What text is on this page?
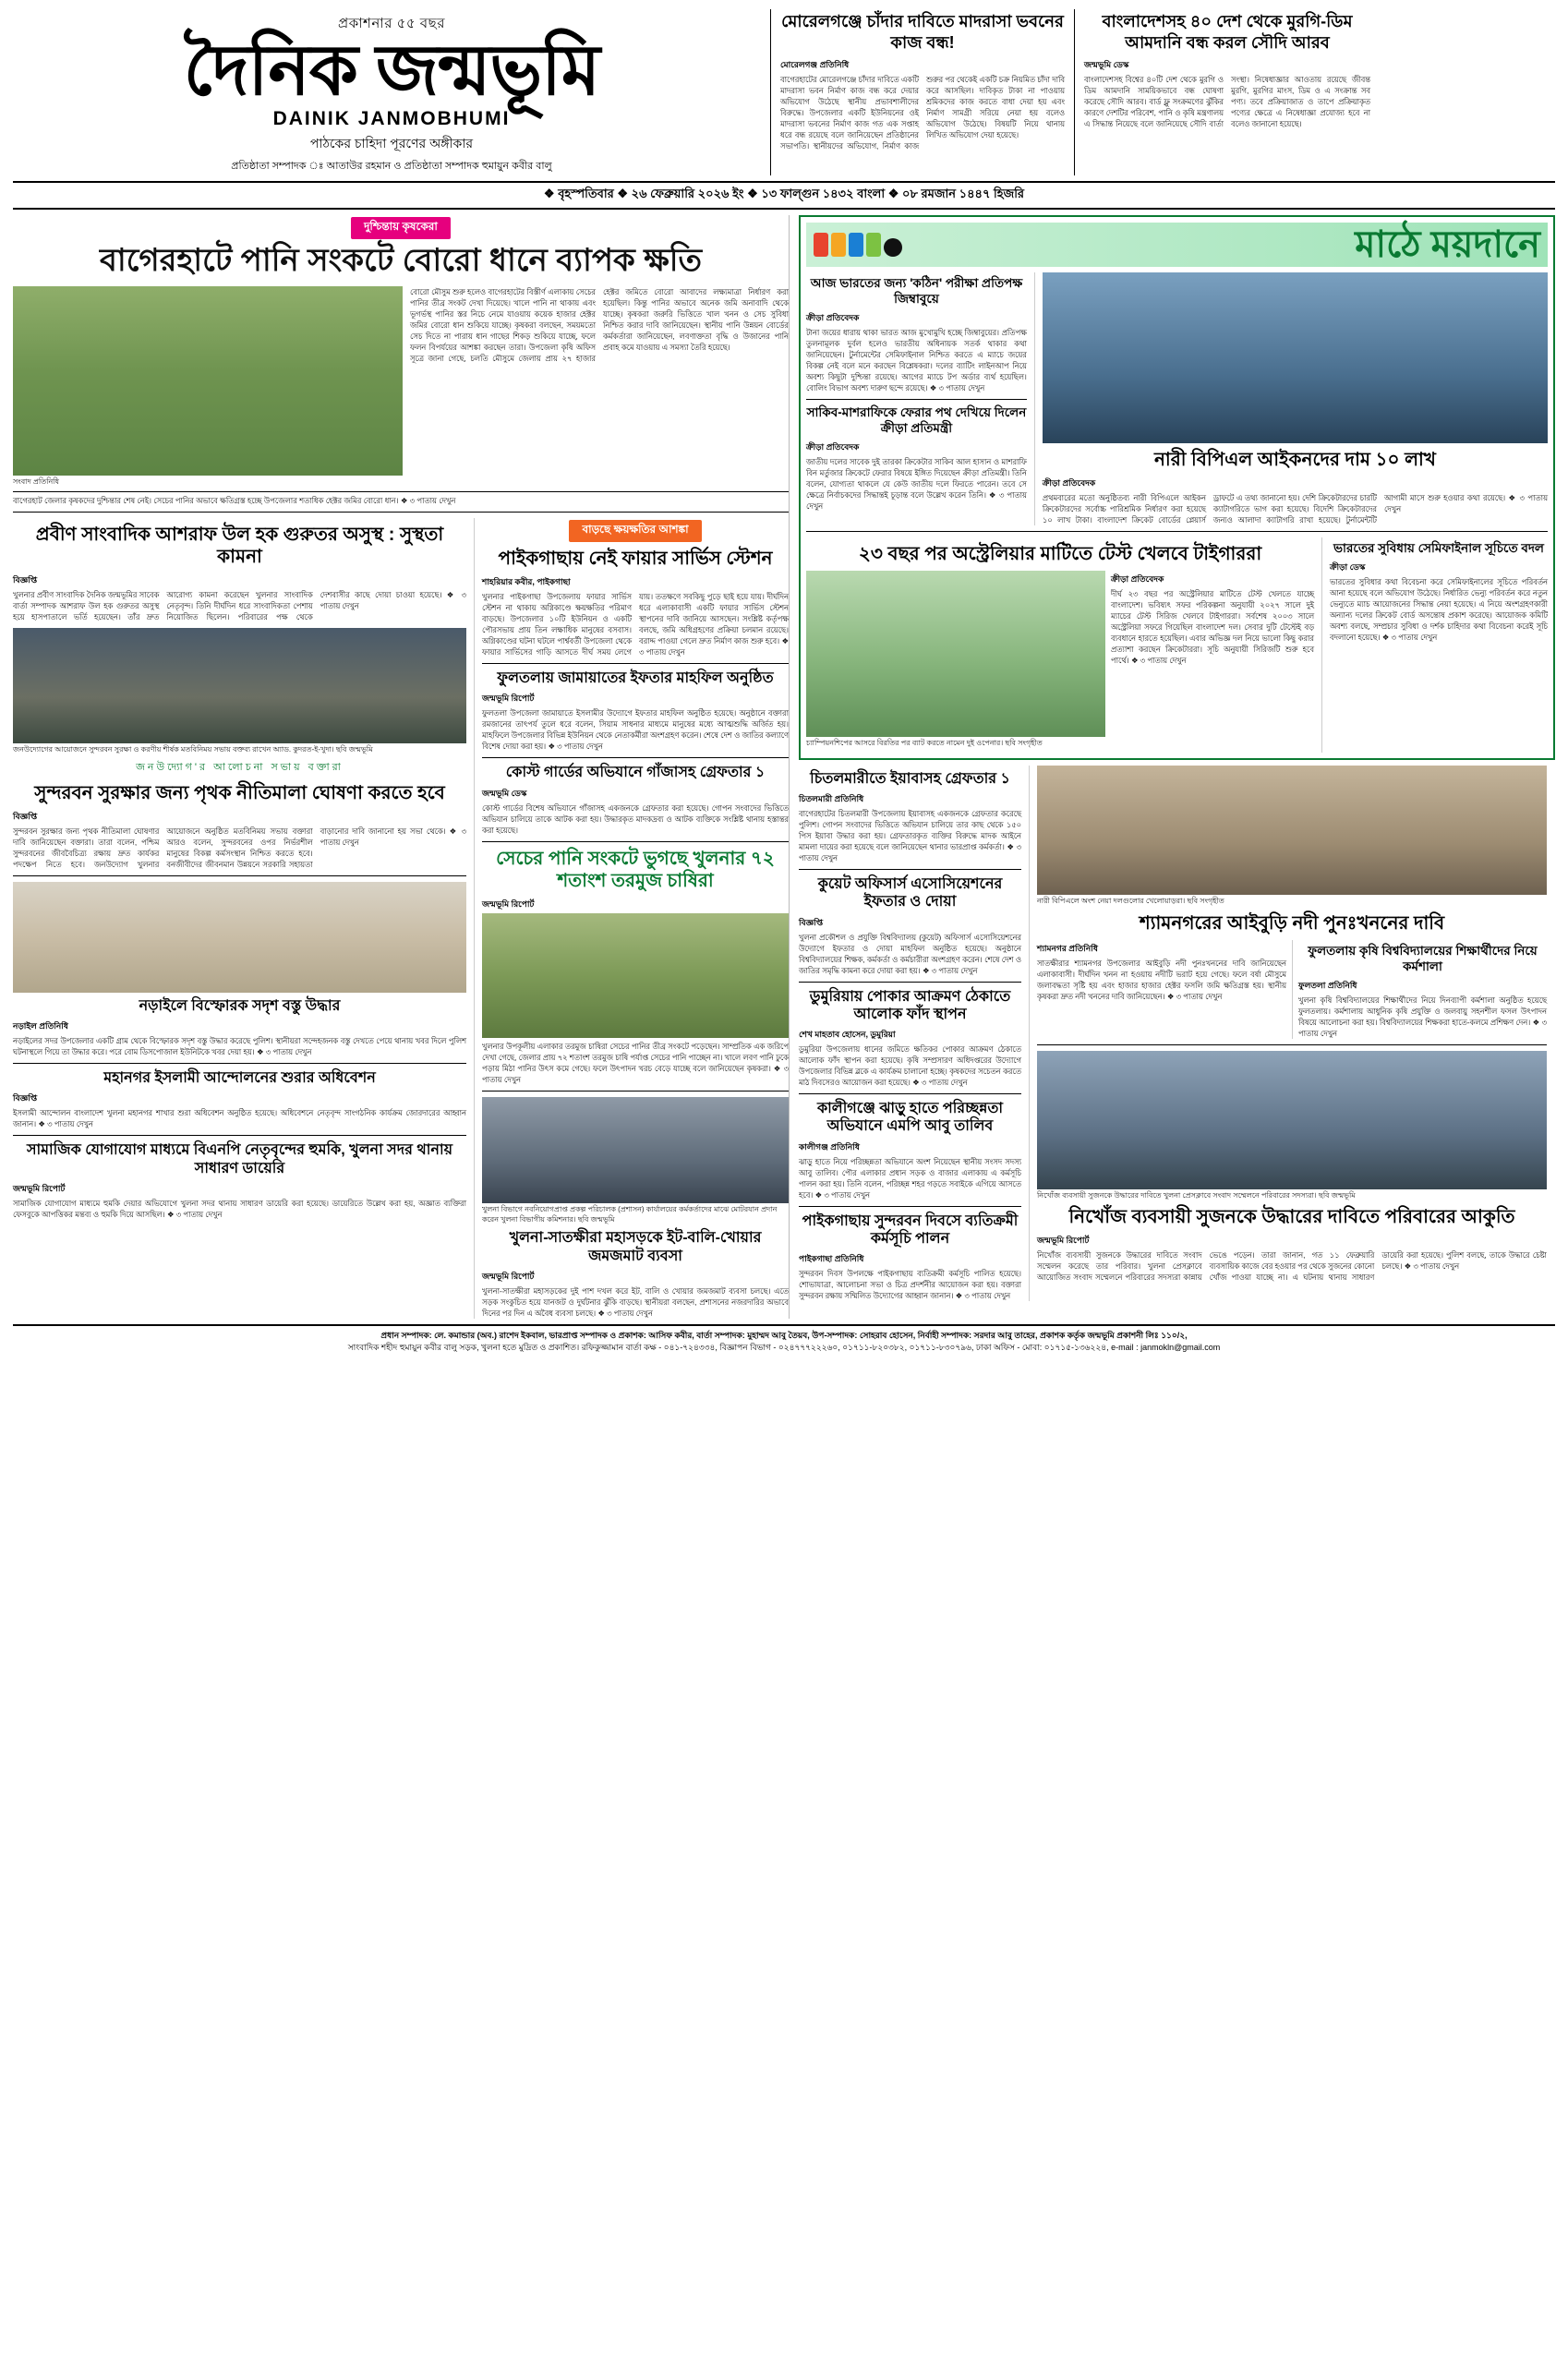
প্রকাশনার ৫৫ বছর
দৈনিক জন্মভূমি
DAINIK JANMOBHUMI
পাঠকের চাহিদা পূরণের অঙ্গীকার
প্রতিষ্ঠাতা সম্পাদক ঃ আতাউর রহমান ও প্রতিষ্ঠাতা সম্পাদক হুমায়ুন কবীর বালু
মোরেলগঞ্জে চাঁদার দাবিতে মাদরাসা ভবনের কাজ বন্ধ!
মোরেলগঞ্জ প্রতিনিধি
বাগেরহাটের মোরেলগঞ্জে চাঁদার দাবিতে একটি মাদরাসা ভবন নির্মাণ কাজ বন্ধ করে দেয়ার অভিযোগ উঠেছে স্থানীয় প্রভাবশালীদের বিরুদ্ধে। উপজেলার একটি ইউনিয়নের ওই মাদরাসা ভবনের নির্মাণ কাজ গত এক সপ্তাহ ধরে বন্ধ রয়েছে বলে জানিয়েছেন প্রতিষ্ঠানের সভাপতি। স্থানীয়দের অভিযোগ, নির্মাণ কাজ শুরুর পর থেকেই একটি চক্র নিয়মিত চাঁদা দাবি করে আসছিল। দাবিকৃত টাকা না পাওয়ায় শ্রমিকদের কাজ করতে বাধা দেয়া হয় এবং নির্মাণ সামগ্রী সরিয়ে নেয়া হয় বলেও অভিযোগ উঠেছে। বিষয়টি নিয়ে থানায় লিখিত অভিযোগ দেয়া হয়েছে।
বাংলাদেশসহ ৪০ দেশ থেকে মুরগি-ডিম আমদানি বন্ধ করল সৌদি আরব
জন্মভূমি ডেস্ক
বাংলাদেশসহ বিশ্বের ৪০টি দেশ থেকে মুরগি ও ডিম আমদানি সাময়িকভাবে বন্ধ ঘোষণা করেছে সৌদি আরব। বার্ড ফ্লু সংক্রমণের ঝুঁকির কারণে দেশটির পরিবেশ, পানি ও কৃষি মন্ত্রণালয় এ সিদ্ধান্ত নিয়েছে বলে জানিয়েছে সৌদি বার্তা সংস্থা। নিষেধাজ্ঞার আওতায় রয়েছে জীবন্ত মুরগি, মুরগির মাংস, ডিম ও এ সংক্রান্ত সব পণ্য। তবে প্রক্রিয়াজাত ও তাপে প্রক্রিয়াকৃত পণ্যের ক্ষেত্রে এ নিষেধাজ্ঞা প্রযোজ্য হবে না বলেও জানানো হয়েছে।
❖ বৃহস্পতিবার ❖ ২৬ ফেব্রুয়ারি ২০২৬ ইং ❖ ১৩ ফাল্গুন ১৪৩২ বাংলা ❖ ০৮ রমজান ১৪৪৭ হিজরি
দুশ্চিন্তায় কৃষকেরা
বাগেরহাটে পানি সংকটে বোরো ধানে ব্যাপক ক্ষতি
সংবাদ প্রতিনিধি
বোরো মৌসুম শুরু হলেও বাগেরহাটের বিস্তীর্ণ এলাকায় সেচের পানির তীব্র সংকট দেখা দিয়েছে। খালে পানি না থাকায় এবং ভূগর্ভস্থ পানির স্তর নিচে নেমে যাওয়ায় কয়েক হাজার হেক্টর জমির বোরো ধান শুকিয়ে যাচ্ছে। কৃষকরা বলছেন, সময়মতো সেচ দিতে না পারায় ধান গাছের শিকড় শুকিয়ে যাচ্ছে, ফলে ফলন বিপর্যয়ের আশঙ্কা করছেন তারা। উপজেলা কৃষি অফিস সূত্রে জানা গেছে, চলতি মৌসুমে জেলায় প্রায় ২৭ হাজার হেক্টর জমিতে বোরো আবাদের লক্ষ্যমাত্রা নির্ধারণ করা হয়েছিল। কিন্তু পানির অভাবে অনেক জমি অনাবাদি থেকে যাচ্ছে। কৃষকরা জরুরি ভিত্তিতে খাল খনন ও সেচ সুবিধা নিশ্চিত করার দাবি জানিয়েছেন। স্থানীয় পানি উন্নয়ন বোর্ডের কর্মকর্তারা জানিয়েছেন, লবণাক্ততা বৃদ্ধি ও উজানের পানি প্রবাহ কমে যাওয়ায় এ সমস্যা তৈরি হয়েছে।
বাগেরহাট জেলার কৃষকদের দুশ্চিন্তার শেষ নেই। সেচের পানির অভাবে ক্ষতিগ্রস্ত হচ্ছে উপজেলার শতাধিক হেক্টর জমির বোরো ধান। ❖ ৩ পাতায় দেখুন
প্রবীণ সাংবাদিক আশরাফ উল হক গুরুতর অসুস্থ : সুস্থতা কামনা
বিজ্ঞপ্তি
খুলনার প্রবীণ সাংবাদিক দৈনিক জন্মভূমির সাবেক বার্তা সম্পাদক আশরাফ উল হক গুরুতর অসুস্থ হয়ে হাসপাতালে ভর্তি হয়েছেন। তাঁর দ্রুত আরোগ্য কামনা করেছেন খুলনার সাংবাদিক নেতৃবৃন্দ। তিনি দীর্ঘদিন ধরে সাংবাদিকতা পেশায় নিয়োজিত ছিলেন। পরিবারের পক্ষ থেকে দেশবাসীর কাছে দোয়া চাওয়া হয়েছে। ❖ ৩ পাতায় দেখুন
জনউদ্যোগের আয়োজনে সুন্দরবন সুরক্ষা ও করণীয় শীর্ষক মতবিনিময় সভায় বক্তব্য রাখেন অ্যাড. কুদরত-ই-খুদা। ছবি জন্মভূমি
জনউদ্যোগ'র আলোচনা সভায় বক্তারা
সুন্দরবন সুরক্ষার জন্য পৃথক নীতিমালা ঘোষণা করতে হবে
বিজ্ঞপ্তি
সুন্দরবন সুরক্ষার জন্য পৃথক নীতিমালা ঘোষণার দাবি জানিয়েছেন বক্তারা। তারা বলেন, পশ্চিম সুন্দরবনের জীববৈচিত্র্য রক্ষায় দ্রুত কার্যকর পদক্ষেপ নিতে হবে। জনউদ্যোগ খুলনার আয়োজনে অনুষ্ঠিত মতবিনিময় সভায় বক্তারা আরও বলেন, সুন্দরবনের ওপর নির্ভরশীল মানুষের বিকল্প কর্মসংস্থান নিশ্চিত করতে হবে। বনজীবীদের জীবনমান উন্নয়নে সরকারি সহায়তা বাড়ানোর দাবি জানানো হয় সভা থেকে। ❖ ৩ পাতায় দেখুন
নড়াইলে বিস্ফোরক সদৃশ বস্তু উদ্ধার
নড়াইল প্রতিনিধি
নড়াইলের সদর উপজেলার একটি গ্রাম থেকে বিস্ফোরক সদৃশ বস্তু উদ্ধার করেছে পুলিশ। স্থানীয়রা সন্দেহজনক বস্তু দেখতে পেয়ে থানায় খবর দিলে পুলিশ ঘটনাস্থলে গিয়ে তা উদ্ধার করে। পরে বোম ডিসপোজাল ইউনিটকে খবর দেয়া হয়। ❖ ৩ পাতায় দেখুন
মহানগর ইসলামী আন্দোলনের শুরার অধিবেশন
বিজ্ঞপ্তি
ইসলামী আন্দোলন বাংলাদেশ খুলনা মহানগর শাখার শুরা অধিবেশন অনুষ্ঠিত হয়েছে। অধিবেশনে নেতৃবৃন্দ সাংগঠনিক কার্যক্রম জোরদারের আহ্বান জানান। ❖ ৩ পাতায় দেখুন
সামাজিক যোগাযোগ মাধ্যমে বিএনপি নেতৃবৃন্দের হুমকি, খুলনা সদর থানায় সাধারণ ডায়েরি
জন্মভূমি রিপোর্ট
সামাজিক যোগাযোগ মাধ্যমে হুমকি দেয়ার অভিযোগে খুলনা সদর থানায় সাধারণ ডায়েরি করা হয়েছে। ডায়েরিতে উল্লেখ করা হয়, অজ্ঞাত ব্যক্তিরা ফেসবুকে আপত্তিকর মন্তব্য ও হুমকি দিয়ে আসছিল। ❖ ৩ পাতায় দেখুন
বাড়ছে ক্ষয়ক্ষতির আশঙ্কা
পাইকগাছায় নেই ফায়ার সার্ভিস স্টেশন
শাহরিয়ার কবীর, পাইকগাছা
খুলনার পাইকগাছা উপজেলায় ফায়ার সার্ভিস স্টেশন না থাকায় অগ্নিকাণ্ডে ক্ষয়ক্ষতির পরিমাণ বাড়ছে। উপজেলার ১০টি ইউনিয়ন ও একটি পৌরসভায় প্রায় তিন লক্ষাধিক মানুষের বসবাস। অগ্নিকাণ্ডের ঘটনা ঘটলে পার্শ্ববর্তী উপজেলা থেকে ফায়ার সার্ভিসের গাড়ি আসতে দীর্ঘ সময় লেগে যায়। ততক্ষণে সবকিছু পুড়ে ছাই হয়ে যায়। দীর্ঘদিন ধরে এলাকাবাসী একটি ফায়ার সার্ভিস স্টেশন স্থাপনের দাবি জানিয়ে আসছেন। সংশ্লিষ্ট কর্তৃপক্ষ বলছে, জমি অধিগ্রহণের প্রক্রিয়া চলমান রয়েছে। বরাদ্দ পাওয়া গেলে দ্রুত নির্মাণ কাজ শুরু হবে। ❖ ৩ পাতায় দেখুন
ফুলতলায় জামায়াতের ইফতার মাহফিল অনুষ্ঠিত
জন্মভূমি রিপোর্ট
ফুলতলা উপজেলা জামায়াতে ইসলামীর উদ্যোগে ইফতার মাহফিল অনুষ্ঠিত হয়েছে। অনুষ্ঠানে বক্তারা রমজানের তাৎপর্য তুলে ধরে বলেন, সিয়াম সাধনার মাধ্যমে মানুষের মধ্যে আত্মশুদ্ধি অর্জিত হয়। মাহফিলে উপজেলার বিভিন্ন ইউনিয়ন থেকে নেতাকর্মীরা অংশগ্রহণ করেন। শেষে দেশ ও জাতির কল্যাণে বিশেষ দোয়া করা হয়। ❖ ৩ পাতায় দেখুন
কোস্ট গার্ডের অভিযানে গাঁজাসহ গ্রেফতার ১
জন্মভূমি ডেস্ক
কোস্ট গার্ডের বিশেষ অভিযানে গাঁজাসহ একজনকে গ্রেফতার করা হয়েছে। গোপন সংবাদের ভিত্তিতে অভিযান চালিয়ে তাকে আটক করা হয়। উদ্ধারকৃত মাদকদ্রব্য ও আটক ব্যক্তিকে সংশ্লিষ্ট থানায় হস্তান্তর করা হয়েছে।
সেচের পানি সংকটে ভুগছে খুলনার ৭২ শতাংশ তরমুজ চাষিরা
জন্মভূমি রিপোর্ট
খুলনার উপকূলীয় এলাকার তরমুজ চাষিরা সেচের পানির তীব্র সংকটে পড়েছেন। সাম্প্রতিক এক জরিপে দেখা গেছে, জেলার প্রায় ৭২ শতাংশ তরমুজ চাষি পর্যাপ্ত সেচের পানি পাচ্ছেন না। খালে লবণ পানি ঢুকে পড়ায় মিঠা পানির উৎস কমে গেছে। ফলে উৎপাদন খরচ বেড়ে যাচ্ছে বলে জানিয়েছেন কৃষকরা। ❖ ৩ পাতায় দেখুন
খুলনা বিভাগে নবনিয়োগপ্রাপ্ত প্রকল্প পরিচালক (প্রশাসন) কার্যালয়ের কর্মকর্তাদের মাঝে মোটরযান প্রদান করেন খুলনা বিভাগীয় কমিশনার। ছবি জন্মভূমি
খুলনা-সাতক্ষীরা মহাসড়কে ইট-বালি-খোয়ার জমজমাট ব্যবসা
জন্মভূমি রিপোর্ট
খুলনা-সাতক্ষীরা মহাসড়কের দুই পাশ দখল করে ইট, বালি ও খোয়ার জমজমাট ব্যবসা চলছে। এতে সড়ক সংকুচিত হয়ে যানজট ও দুর্ঘটনার ঝুঁকি বাড়ছে। স্থানীয়রা বলছেন, প্রশাসনের নজরদারির অভাবে দিনের পর দিন এ অবৈধ ব্যবসা চলছে। ❖ ৩ পাতায় দেখুন
মাঠে ময়দানে
আজ ভারতের জন্য 'কঠিন' পরীক্ষা প্রতিপক্ষ জিম্বাবুয়ে
ক্রীড়া প্রতিবেদক
টানা জয়ের ধারায় থাকা ভারত আজ মুখোমুখি হচ্ছে জিম্বাবুয়ের। প্রতিপক্ষ তুলনামূলক দুর্বল হলেও ভারতীয় অধিনায়ক সতর্ক থাকার কথা জানিয়েছেন। টুর্নামেন্টের সেমিফাইনাল নিশ্চিত করতে এ ম্যাচে জয়ের বিকল্প নেই বলে মনে করছেন বিশ্লেষকরা। দলের ব্যাটিং লাইনআপ নিয়ে অবশ্য কিছুটা দুশ্চিন্তা রয়েছে। আগের ম্যাচে টপ অর্ডার ব্যর্থ হয়েছিল। বোলিং বিভাগ অবশ্য দারুণ ছন্দে রয়েছে। ❖ ৩ পাতায় দেখুন
সাকিব-মাশরাফিকে ফেরার পথ দেখিয়ে দিলেন ক্রীড়া প্রতিমন্ত্রী
ক্রীড়া প্রতিবেদক
জাতীয় দলের সাবেক দুই তারকা ক্রিকেটার সাকিব আল হাসান ও মাশরাফি বিন মর্তুজার ক্রিকেটে ফেরার বিষয়ে ইঙ্গিত দিয়েছেন ক্রীড়া প্রতিমন্ত্রী। তিনি বলেন, যোগ্যতা থাকলে যে কেউ জাতীয় দলে ফিরতে পারেন। তবে সে ক্ষেত্রে নির্বাচকদের সিদ্ধান্তই চূড়ান্ত বলে উল্লেখ করেন তিনি। ❖ ৩ পাতায় দেখুন
নারী বিপিএল আইকনদের দাম ১০ লাখ
ক্রীড়া প্রতিবেদক
প্রথমবারের মতো অনুষ্ঠিতব্য নারী বিপিএলে আইকন ক্রিকেটারদের সর্বোচ্চ পারিশ্রমিক নির্ধারণ করা হয়েছে ১০ লাখ টাকা। বাংলাদেশ ক্রিকেট বোর্ডের প্লেয়ার্স ড্রাফটে এ তথ্য জানানো হয়। দেশি ক্রিকেটারদের চারটি ক্যাটাগরিতে ভাগ করা হয়েছে। বিদেশি ক্রিকেটারদের জন্যও আলাদা ক্যাটাগরি রাখা হয়েছে। টুর্নামেন্টটি আগামী মাসে শুরু হওয়ার কথা রয়েছে। ❖ ৩ পাতায় দেখুন
২৩ বছর পর অস্ট্রেলিয়ার মাটিতে টেস্ট খেলবে টাইগাররা
চ্যাম্পিয়নশিপের আসরে বিরতির পর ব্যাট করতে নামেন দুই ওপেনার। ছবি সংগৃহীত
ক্রীড়া প্রতিবেদক
দীর্ঘ ২৩ বছর পর অস্ট্রেলিয়ার মাটিতে টেস্ট খেলতে যাচ্ছে বাংলাদেশ। ভবিষ্যৎ সফর পরিকল্পনা অনুযায়ী ২০২৭ সালে দুই ম্যাচের টেস্ট সিরিজ খেলবে টাইগাররা। সর্বশেষ ২০০৩ সালে অস্ট্রেলিয়া সফরে গিয়েছিল বাংলাদেশ দল। সেবার দুটি টেস্টেই বড় ব্যবধানে হারতে হয়েছিল। এবার অভিজ্ঞ দল নিয়ে ভালো কিছু করার প্রত্যাশা করছেন ক্রিকেটাররা। সূচি অনুযায়ী সিরিজটি শুরু হবে পার্থে। ❖ ৩ পাতায় দেখুন
ভারতের সুবিধায় সেমিফাইনাল সূচিতে বদল
ক্রীড়া ডেস্ক
ভারতের সুবিধার কথা বিবেচনা করে সেমিফাইনালের সূচিতে পরিবর্তন আনা হয়েছে বলে অভিযোগ উঠেছে। নির্ধারিত ভেন্যু পরিবর্তন করে নতুন ভেন্যুতে ম্যাচ আয়োজনের সিদ্ধান্ত নেয়া হয়েছে। এ নিয়ে অংশগ্রহণকারী অন্যান্য দলের ক্রিকেট বোর্ড অসন্তোষ প্রকাশ করেছে। আয়োজক কমিটি অবশ্য বলছে, সম্প্রচার সুবিধা ও দর্শক চাহিদার কথা বিবেচনা করেই সূচি বদলানো হয়েছে। ❖ ৩ পাতায় দেখুন
চিতলমারীতে ইয়াবাসহ গ্রেফতার ১
চিতলমারী প্রতিনিধি
বাগেরহাটের চিতলমারী উপজেলায় ইয়াবাসহ একজনকে গ্রেফতার করেছে পুলিশ। গোপন সংবাদের ভিত্তিতে অভিযান চালিয়ে তার কাছ থেকে ১৫০ পিস ইয়াবা উদ্ধার করা হয়। গ্রেফতারকৃত ব্যক্তির বিরুদ্ধে মাদক আইনে মামলা দায়ের করা হয়েছে বলে জানিয়েছেন থানার ভারপ্রাপ্ত কর্মকর্তা। ❖ ৩ পাতায় দেখুন
কুয়েট অফিসার্স এসোসিয়েশনের ইফতার ও দোয়া
বিজ্ঞপ্তি
খুলনা প্রকৌশল ও প্রযুক্তি বিশ্ববিদ্যালয় (কুয়েট) অফিসার্স এসোসিয়েশনের উদ্যোগে ইফতার ও দোয়া মাহফিল অনুষ্ঠিত হয়েছে। অনুষ্ঠানে বিশ্ববিদ্যালয়ের শিক্ষক, কর্মকর্তা ও কর্মচারীরা অংশগ্রহণ করেন। শেষে দেশ ও জাতির সমৃদ্ধি কামনা করে দোয়া করা হয়। ❖ ৩ পাতায় দেখুন
ডুমুরিয়ায় পোকার আক্রমণ ঠেকাতে আলোক ফাঁদ স্থাপন
শেখ মাহতাব হোসেন, ডুমুরিয়া
ডুমুরিয়া উপজেলায় ধানের জমিতে ক্ষতিকর পোকার আক্রমণ ঠেকাতে আলোক ফাঁদ স্থাপন করা হয়েছে। কৃষি সম্প্রসারণ অধিদপ্তরের উদ্যোগে উপজেলার বিভিন্ন ব্লকে এ কার্যক্রম চালানো হচ্ছে। কৃষকদের সচেতন করতে মাঠ দিবসেরও আয়োজন করা হয়েছে। ❖ ৩ পাতায় দেখুন
কালীগঞ্জে ঝাড়ু হাতে পরিচ্ছন্নতা অভিযানে এমপি আবু তালিব
কালীগঞ্জ প্রতিনিধি
ঝাড়ু হাতে নিয়ে পরিচ্ছন্নতা অভিযানে অংশ নিয়েছেন স্থানীয় সংসদ সদস্য আবু তালিব। পৌর এলাকার প্রধান সড়ক ও বাজার এলাকায় এ কর্মসূচি পালন করা হয়। তিনি বলেন, পরিচ্ছন্ন শহর গড়তে সবাইকে এগিয়ে আসতে হবে। ❖ ৩ পাতায় দেখুন
পাইকগাছায় সুন্দরবন দিবসে ব্যতিক্রমী কর্মসূচি পালন
পাইকগাছা প্রতিনিধি
সুন্দরবন দিবস উপলক্ষে পাইকগাছায় ব্যতিক্রমী কর্মসূচি পালিত হয়েছে। শোভাযাত্রা, আলোচনা সভা ও চিত্র প্রদর্শনীর আয়োজন করা হয়। বক্তারা সুন্দরবন রক্ষায় সম্মিলিত উদ্যোগের আহ্বান জানান। ❖ ৩ পাতায় দেখুন
নারী বিপিএলে অংশ নেয়া দলগুলোর খেলোয়াড়রা। ছবি সংগৃহীত
শ্যামনগরের আইবুড়ি নদী পুনঃখননের দাবি
শ্যামনগর প্রতিনিধি
সাতক্ষীরার শ্যামনগর উপজেলার আইবুড়ি নদী পুনঃখননের দাবি জানিয়েছেন এলাকাবাসী। দীর্ঘদিন খনন না হওয়ায় নদীটি ভরাট হয়ে গেছে। ফলে বর্ষা মৌসুমে জলাবদ্ধতা সৃষ্টি হয় এবং হাজার হাজার হেক্টর ফসলি জমি ক্ষতিগ্রস্ত হয়। স্থানীয় কৃষকরা দ্রুত নদী খননের দাবি জানিয়েছেন। ❖ ৩ পাতায় দেখুন
ফুলতলায় কৃষি বিশ্ববিদ্যালয়ের শিক্ষার্থীদের নিয়ে কর্মশালা
ফুলতলা প্রতিনিধি
খুলনা কৃষি বিশ্ববিদ্যালয়ের শিক্ষার্থীদের নিয়ে দিনব্যাপী কর্মশালা অনুষ্ঠিত হয়েছে ফুলতলায়। কর্মশালায় আধুনিক কৃষি প্রযুক্তি ও জলবায়ু সহনশীল ফসল উৎপাদন বিষয়ে আলোচনা করা হয়। বিশ্ববিদ্যালয়ের শিক্ষকরা হাতে-কলমে প্রশিক্ষণ দেন। ❖ ৩ পাতায় দেখুন
নিখোঁজ ব্যবসায়ী সুজনকে উদ্ধারের দাবিতে খুলনা প্রেসক্লাবে সংবাদ সম্মেলনে পরিবারের সদস্যরা। ছবি জন্মভূমি
নিখোঁজ ব্যবসায়ী সুজনকে উদ্ধারের দাবিতে পরিবারের আকুতি
জন্মভূমি রিপোর্ট
নিখোঁজ ব্যবসায়ী সুজনকে উদ্ধারের দাবিতে সংবাদ সম্মেলন করেছে তার পরিবার। খুলনা প্রেসক্লাবে আয়োজিত সংবাদ সম্মেলনে পরিবারের সদস্যরা কান্নায় ভেঙে পড়েন। তারা জানান, গত ১১ ফেব্রুয়ারি ব্যবসায়িক কাজে বের হওয়ার পর থেকে সুজনের কোনো খোঁজ পাওয়া যাচ্ছে না। এ ঘটনায় থানায় সাধারণ ডায়েরি করা হয়েছে। পুলিশ বলছে, তাকে উদ্ধারে চেষ্টা চলছে। ❖ ৩ পাতায় দেখুন
প্রধান সম্পাদক: লে. কমান্ডার (অব.) রাশেদ ইকবাল, ভারপ্রাপ্ত সম্পাদক ও প্রকাশক: আসিফ কবীর, বার্তা সম্পাদক: মুহাম্মদ আবু তৈয়ব, উপ-সম্পাদক: সোহরাব হোসেন, নির্বাহী সম্পাদক: সরদার আবু তাহের, প্রকাশক কর্তৃক জন্মভূমি প্রকাশনী লিঃ ১১০/২,
সাংবাদিক শহীদ হুমায়ুন কবীর বালু সড়ক, খুলনা হতে মুদ্রিত ও প্রকাশিত। রফিকুজ্জামান বার্তা কক্ষ - ০৪১-৭২৪৩৩৪, বিজ্ঞাপন বিভাগ - ০২৪৭৭৭২২২৬০, ০১৭১১-৮২০৩৮২, ০১৭১১-৮৩০৭৯৬, ঢাকা অফিস - মোবা: ০১৭১৫-১৩৬২২৪, e-mail : janmokln@gmail.com
